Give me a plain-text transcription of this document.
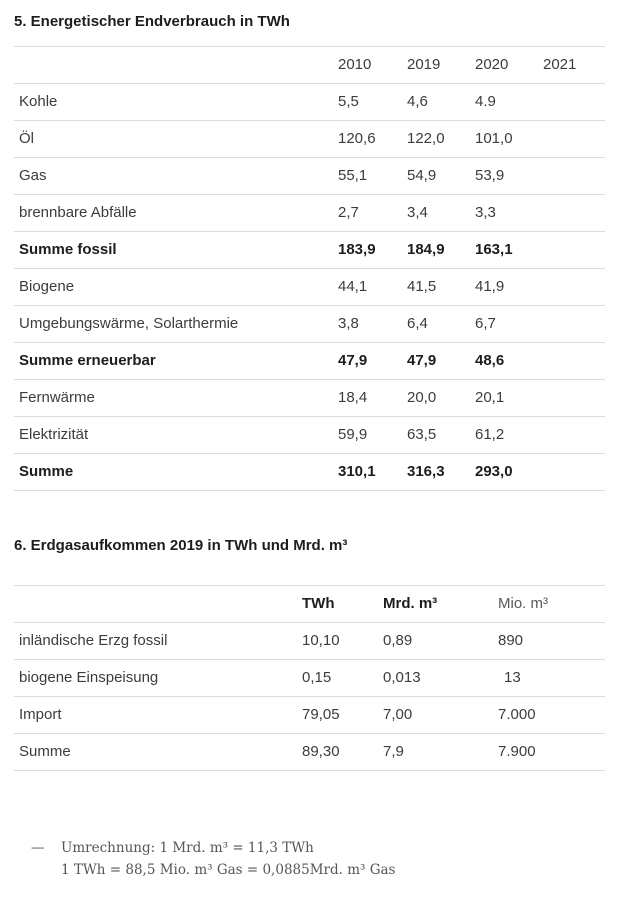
5. Energetischer Endverbrauch in TWh
	2010	2019	2020	2021
Kohle	5,5	4,6	4.9	
Öl	120,6	122,0	101,0	
Gas	55,1	54,9	53,9	
brennbare Abfälle	2,7	3,4	3,3	
Summe fossil	183,9	184,9	163,1	
Biogene	44,1	41,5	41,9	
Umgebungswärme, Solarthermie	3,8	6,4	6,7	
Summe erneuerbar	47,9	47,9	48,6	
Fernwärme	18,4	20,0	20,1	
Elektrizität	59,9	63,5	61,2	
Summe	310,1	316,3	293,0	
6. Erdgasaufkommen 2019 in TWh und Mrd. m³
	TWh	Mrd. m³	Mio. m³
inländische Erzg fossil	10,10	0,89	890
biogene Einspeisung	0,15	0,013	13
Import	79,05	7,00	7.000
Summe	89,30	7,9	7.900
—	Umrechnung: 1 Mrd. m³ = 11,3 TWh
1 TWh = 88,5 Mio. m³ Gas = 0,0885Mrd. m³ Gas
